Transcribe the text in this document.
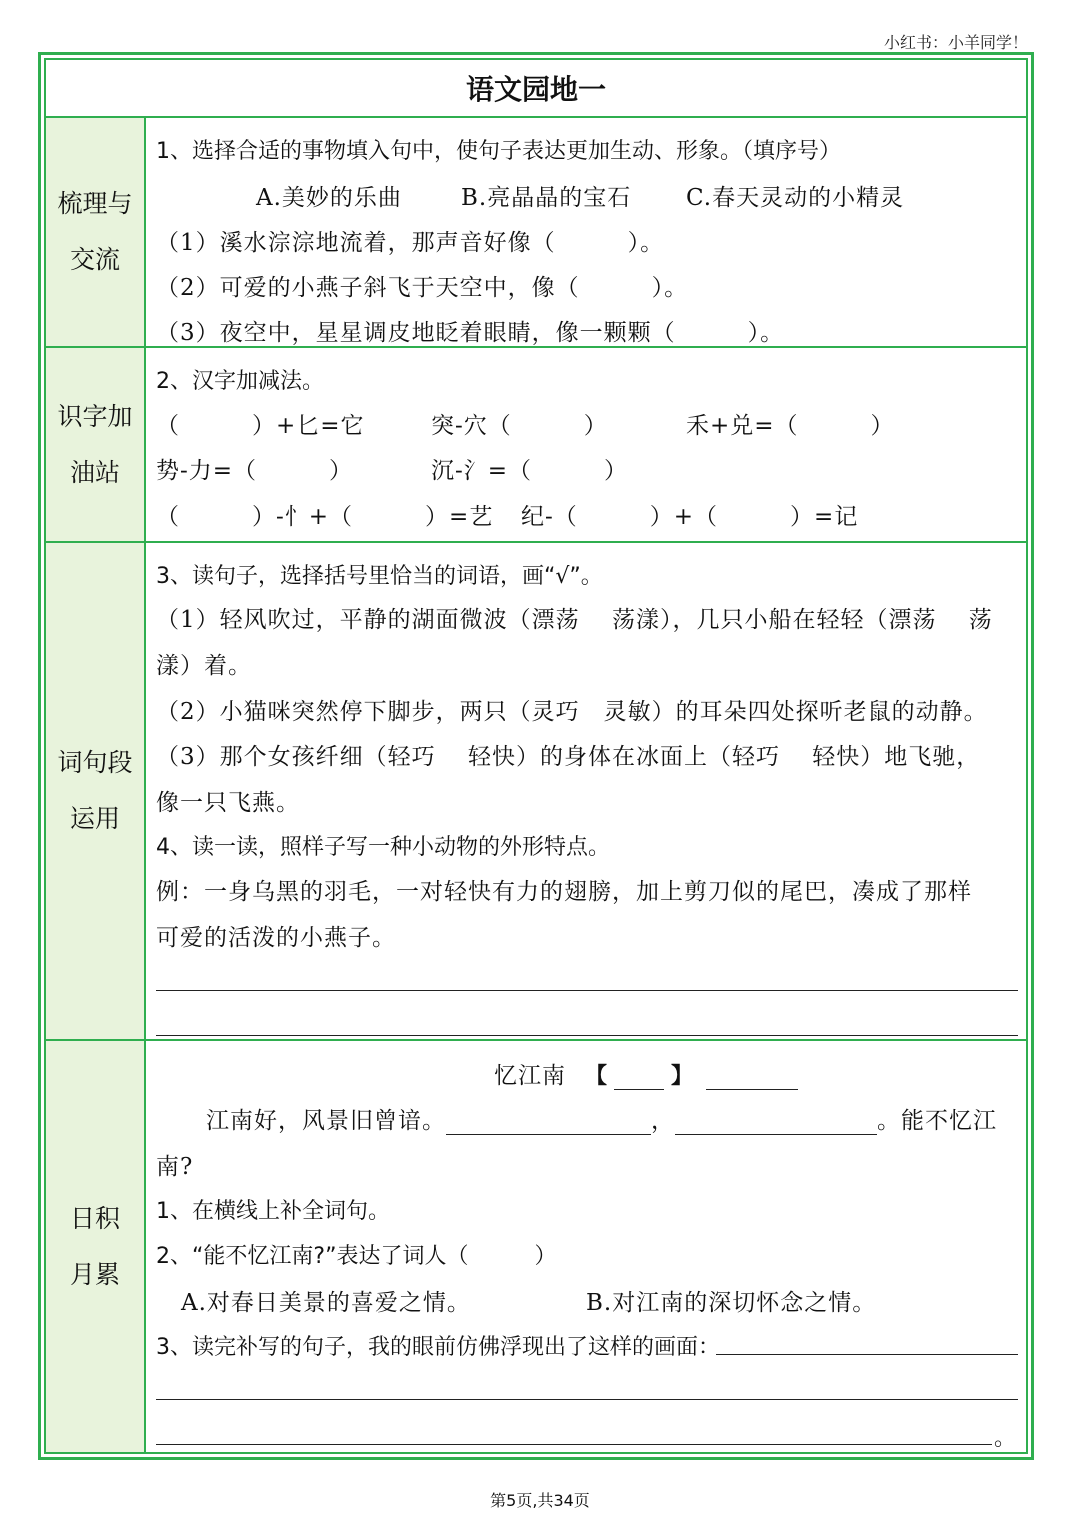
小红书：小羊同学！
语文园地一
梳理与
交流
1、选择合适的事物填入句中，使句子表达更加生动、形象。（填序号）
A.美妙的乐曲	B.亮晶晶的宝石 C.春天灵动的小精灵
（1）溪水淙淙地流着，那声音好像（　　　）。
（2）可爱的小燕子斜飞于天空中，像（　　　）。
（3）夜空中，星星调皮地眨着眼睛，像一颗颗（　　　）。
识字加
油站
2、汉字加减法。
（　　　）+匕=它	突-穴（　　　）	禾+兑=（　　　）
势-力=（　　　）	沉-氵=（　　　）
（　　　）-忄+（　　　）=艺 纪-（　　　）+（　　　）=记
词句段
运用
3、读句子，选择括号里恰当的词语，画“√”。
（1）轻风吹过，平静的湖面微波（漂荡　 荡漾），几只小船在轻轻（漂荡　 荡
漾）着。
（2）小猫咪突然停下脚步，两只（灵巧　灵敏）的耳朵四处探听老鼠的动静。
（3）那个女孩纤细（轻巧　 轻快）的身体在冰面上（轻巧　 轻快）地飞驰，
像一只飞燕。
4、读一读，照样子写一种小动物的外形特点。
例：一身乌黑的羽毛，一对轻快有力的翅膀，加上剪刀似的尾巴，凑成了那样
可爱的活泼的小燕子。
日积
月累
忆江南 【	】
江南好，风景旧曾谙。	，	。能不忆江
南?
1、在横线上补全词句。
2、“能不忆江南?”表达了词人（　　　）
A.对春日美景的喜爱之情。	B.对江南的深切怀念之情。
3、读完补写的句子，我的眼前仿佛浮现出了这样的画面：
。
第5页,共34页
